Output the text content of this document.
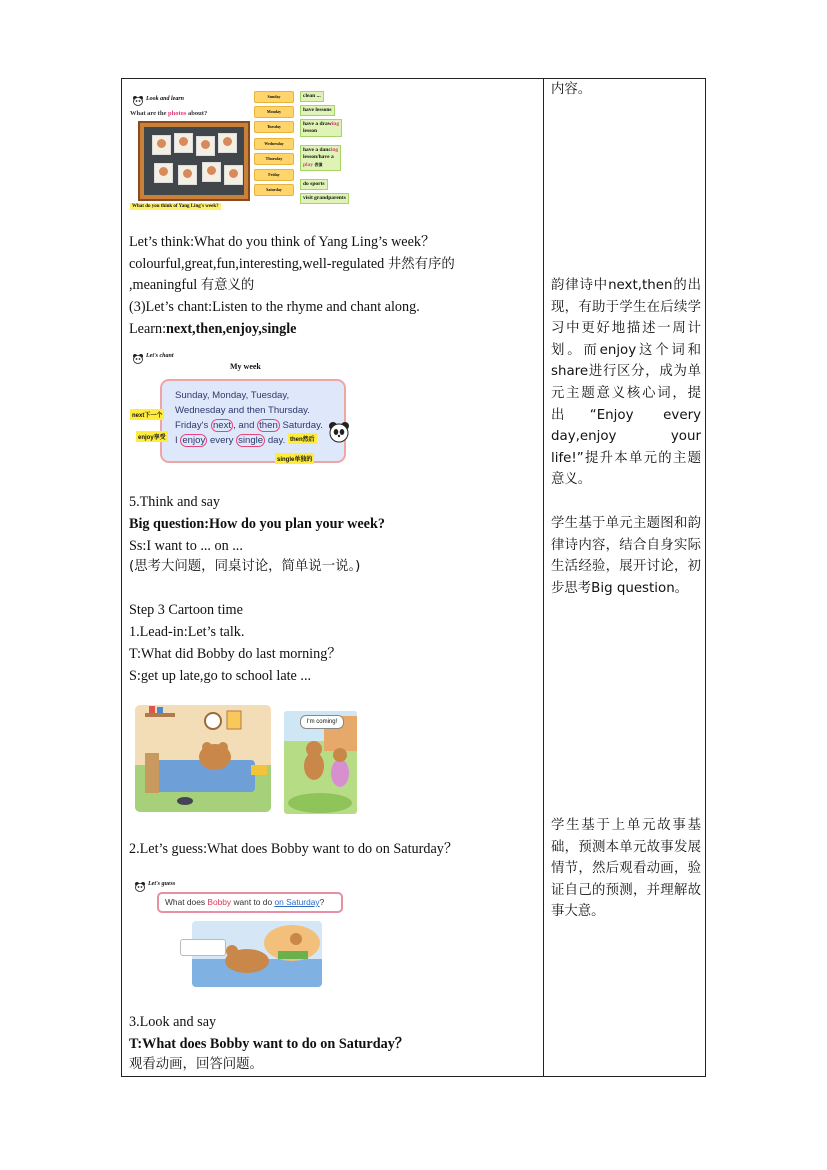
Look and learn
What are the photos about?
Sunday
Monday
Tuesday
Wednesday
Thursday
Friday
Saturday
clean ...
have lessons
have a drawing
lesson
have a dancing
lesson/have a
play 表演
do sports
visit grandparents
What do you think of Yang Ling's week?
Let’s think:What do you think of Yang Ling’s week？
colourful,great,fun,interesting,well-regulated 井然有序的
,meaningful 有意义的
(3)Let’s chant:Listen to the rhyme and chant along.
Learn:next,then,enjoy,single
Let's chant
My week
Sunday, Monday, Tuesday,
Wednesday and then Thursday.
Friday's next , and then Saturday.
I enjoy every single day.
next下一个
enjoy享受	then然后
single单独的
5.Think and say
Big question:How do you plan your week?
Ss:I want to ... on ...
(思考大问题，同桌讨论，简单说一说。)
Step 3 Cartoon time
1.Lead-in:Let’s talk.
T:What did Bobby do last morning？
S:get up late,go to school late ...
I'm coming!
2.Let’s guess:What does Bobby want to do on Saturday？
Let's guess
What does Bobby want to do on Saturday?
3.Look and say
T:What does Bobby want to do on Saturday？
观看动画，回答问题。
内容。
韵律诗中next,then的出现，有助于学生在后续学习中更好地描述一周计划。而enjoy这个词和share进行区分，成为单元主题意义核心词，提出“Enjoy every day,enjoy your life!”提升本单元的主题意义。
学生基于单元主题图和韵律诗内容，结合自身实际生活经验，展开讨论，初步思考Big question。
学生基于上单元故事基础，预测本单元故事发展情节，然后观看动画，验证自己的预测，并理解故事大意。
